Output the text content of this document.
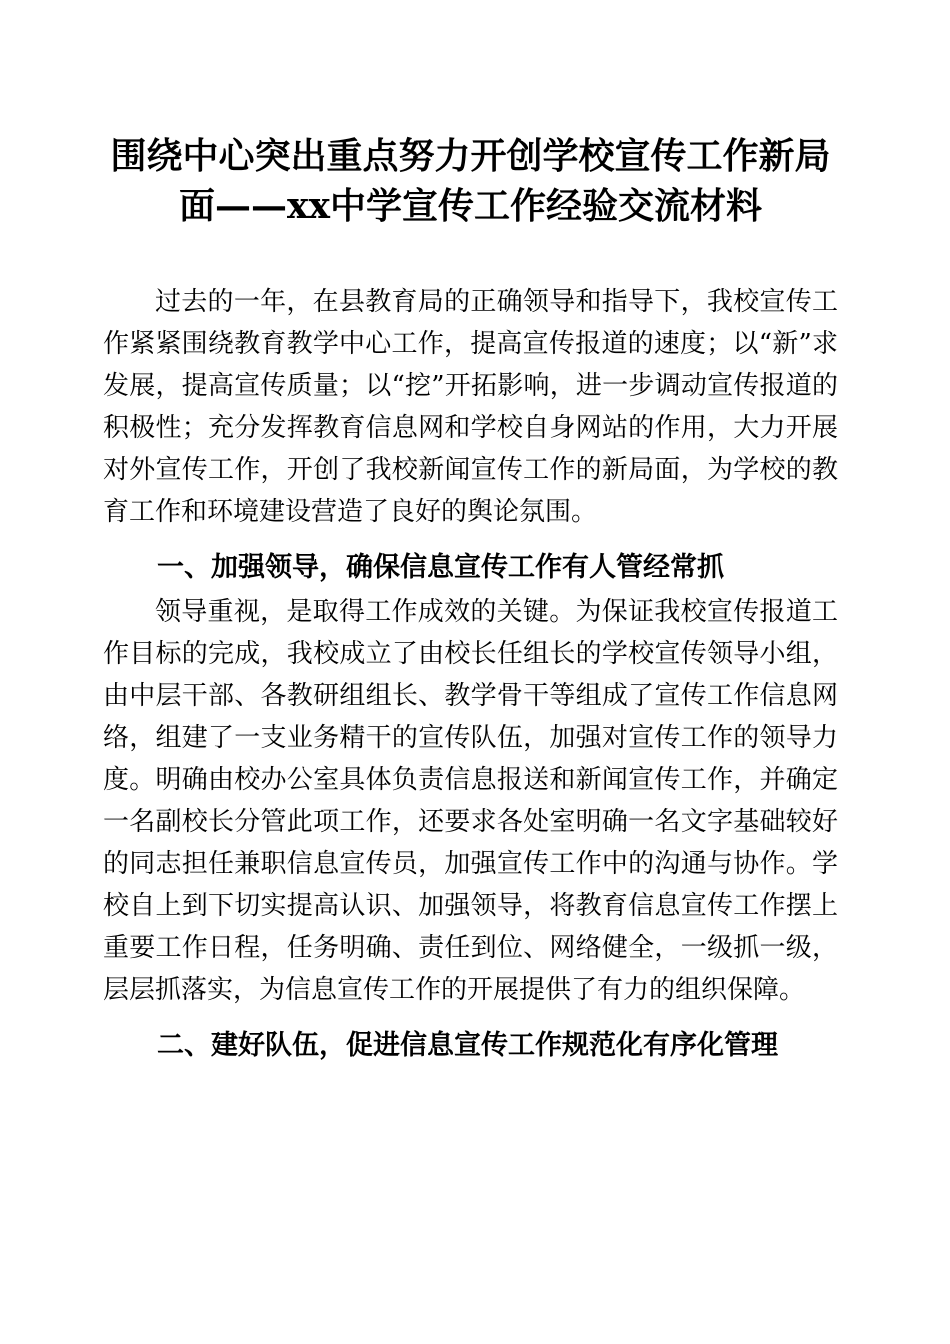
围绕中心突出重点努力开创学校宣传工作新局面——xx中学宣传工作经验交流材料

过去的一年，在县教育局的正确领导和指导下，我校宣传工作紧紧围绕教育教学中心工作，提高宣传报道的速度；以“新”求发展，提高宣传质量；以“挖”开拓影响，进一步调动宣传报道的积极性；充分发挥教育信息网和学校自身网站的作用，大力开展对外宣传工作，开创了我校新闻宣传工作的新局面，为学校的教育工作和环境建设营造了良好的舆论氛围。

一、加强领导，确保信息宣传工作有人管经常抓

领导重视，是取得工作成效的关键。为保证我校宣传报道工作目标的完成，我校成立了由校长任组长的学校宣传领导小组，由中层干部、各教研组组长、教学骨干等组成了宣传工作信息网络，组建了一支业务精干的宣传队伍，加强对宣传工作的领导力度。明确由校办公室具体负责信息报送和新闻宣传工作，并确定一名副校长分管此项工作，还要求各处室明确一名文字基础较好的同志担任兼职信息宣传员，加强宣传工作中的沟通与协作。学校自上到下切实提高认识、加强领导，将教育信息宣传工作摆上重要工作日程，任务明确、责任到位、网络健全，一级抓一级，层层抓落实，为信息宣传工作的开展提供了有力的组织保障。

二、建好队伍，促进信息宣传工作规范化有序化管理
